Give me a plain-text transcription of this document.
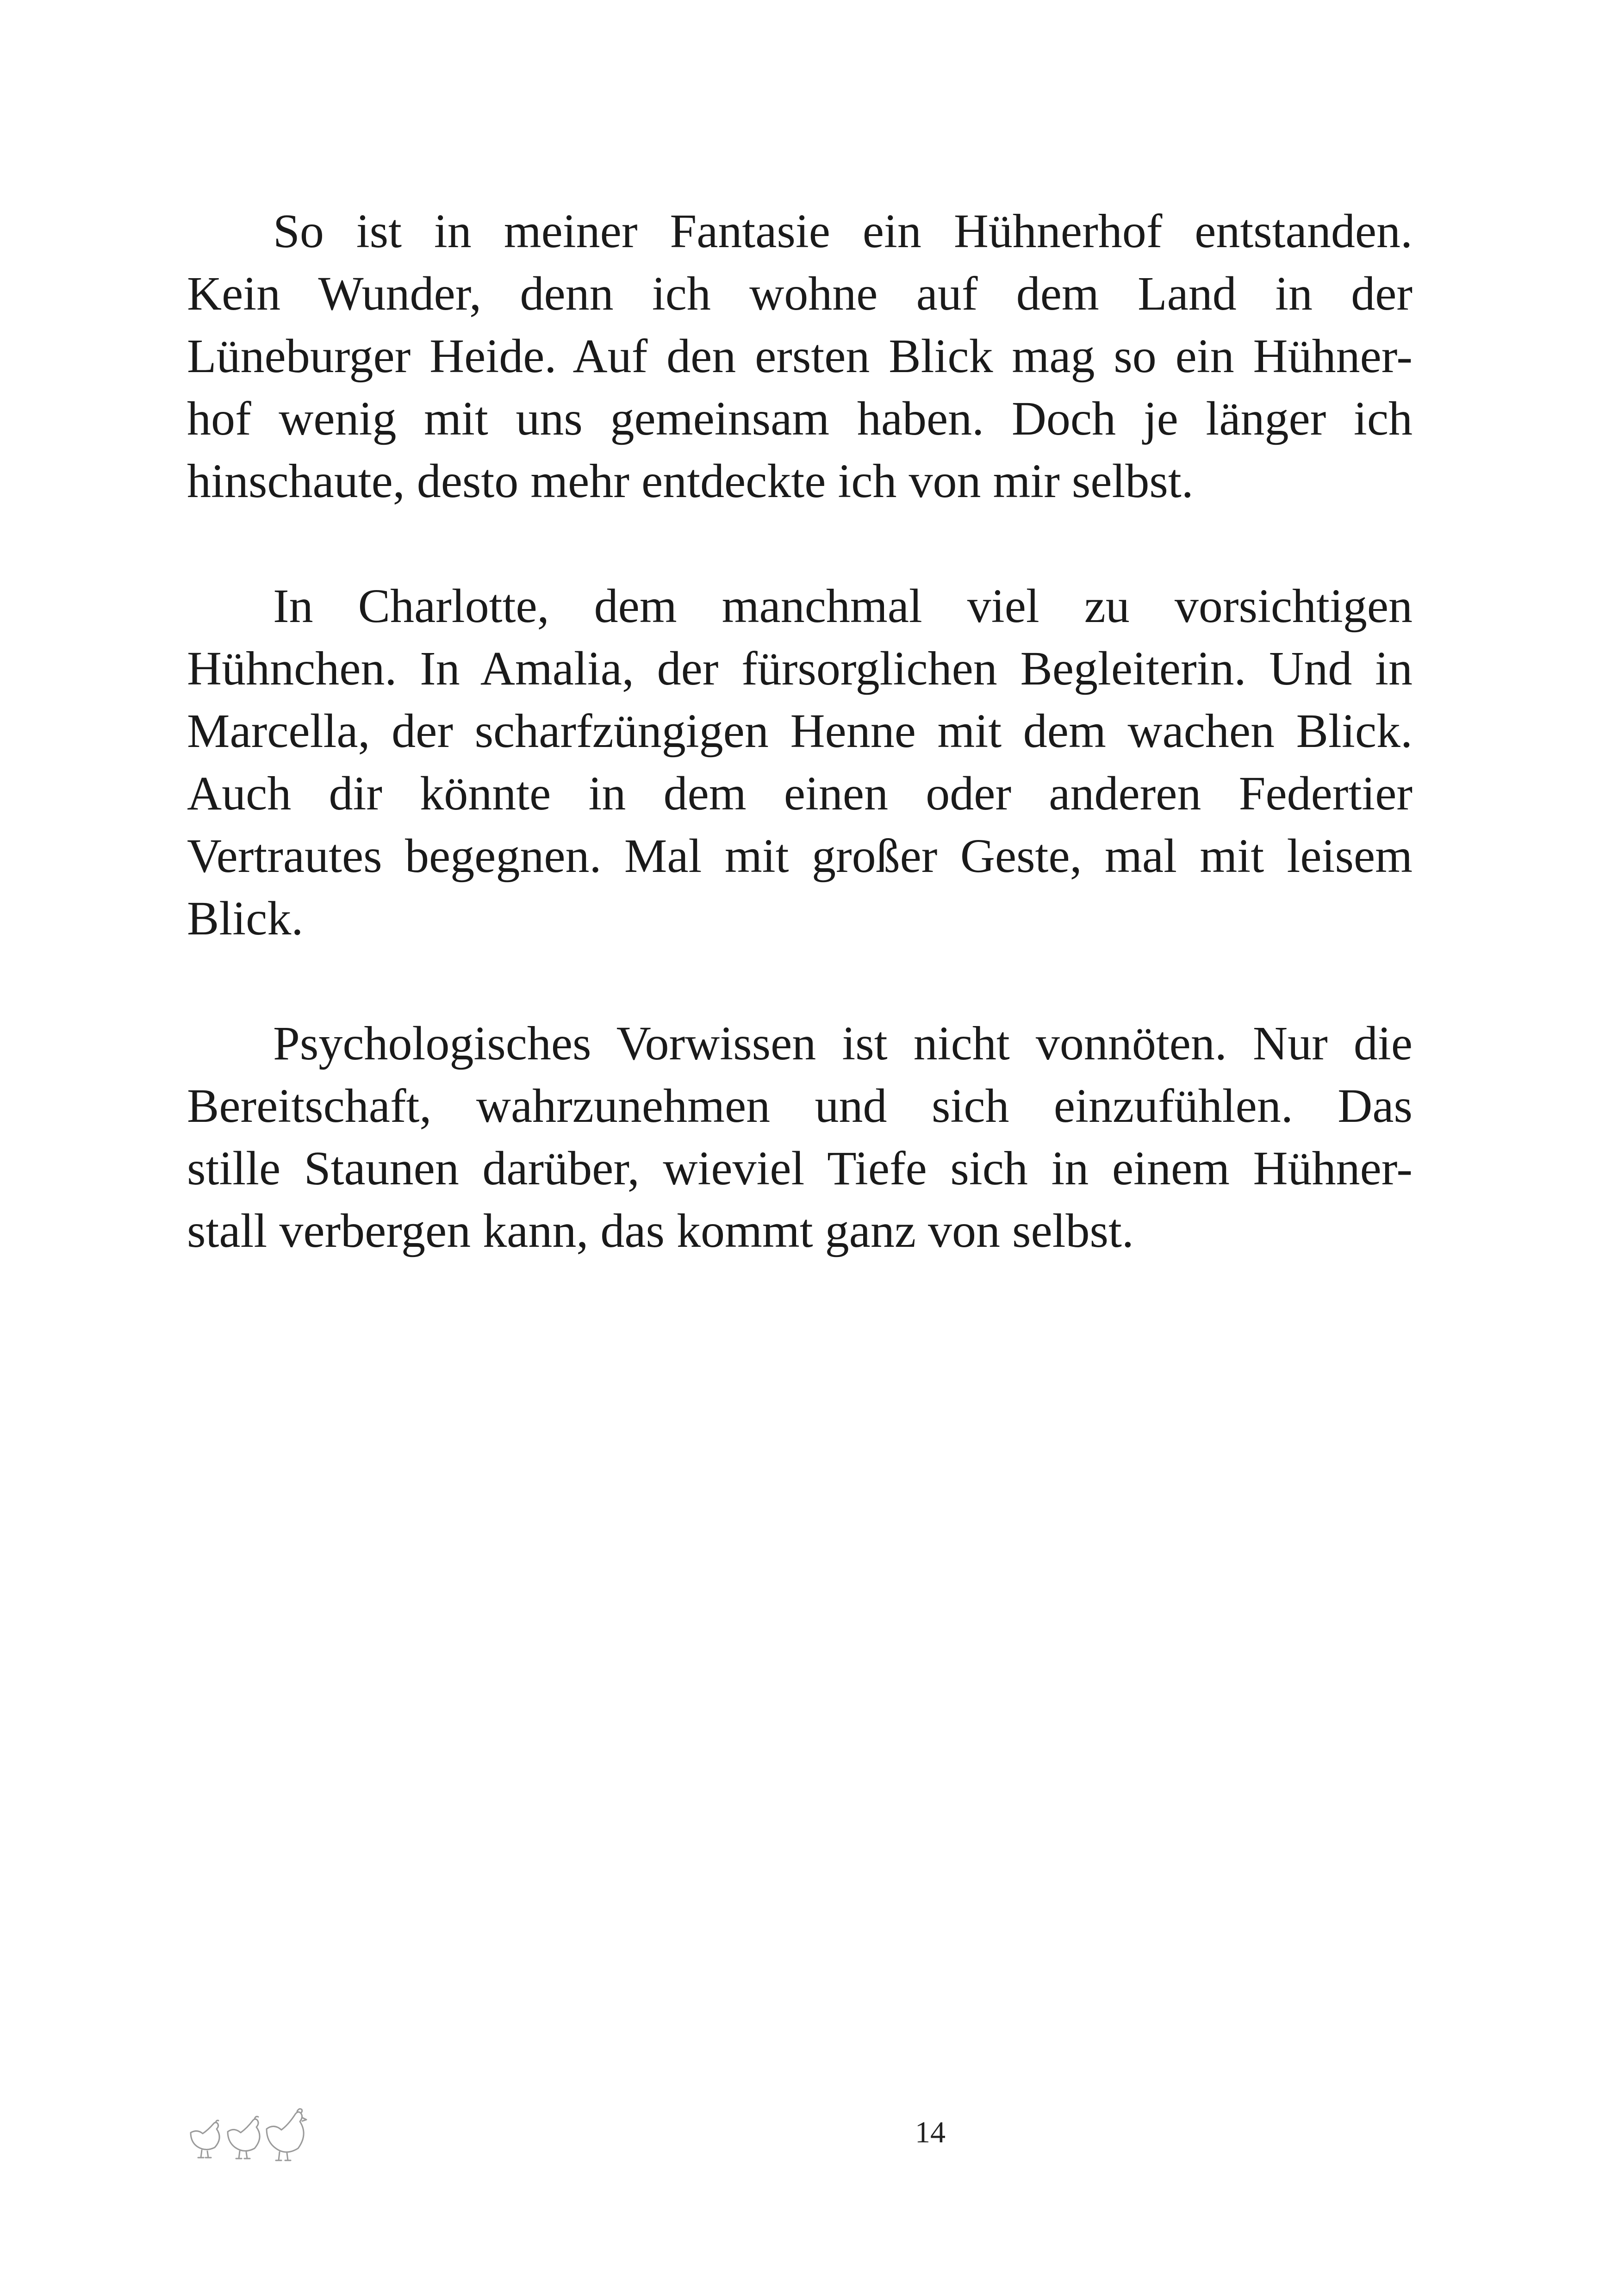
So ist in meiner Fantasie ein Hühnerhof entstanden.
Kein Wunder, denn ich wohne auf dem Land in der
Lüneburger Heide. Auf den ersten Blick mag so ein Hühner-
hof wenig mit uns gemeinsam haben. Doch je länger ich
hinschaute, desto mehr entdeckte ich von mir selbst.

In Charlotte, dem manchmal viel zu vorsichtigen
Hühnchen. In Amalia, der fürsorglichen Begleiterin. Und in
Marcella, der scharfzüngigen Henne mit dem wachen Blick.
Auch dir könnte in dem einen oder anderen Federtier
Vertrautes begegnen. Mal mit großer Geste, mal mit leisem
Blick.

Psychologisches Vorwissen ist nicht vonnöten. Nur die
Bereitschaft, wahrzunehmen und sich einzufühlen. Das
stille Staunen darüber, wieviel Tiefe sich in einem Hühner-
stall verbergen kann, das kommt ganz von selbst.

14
